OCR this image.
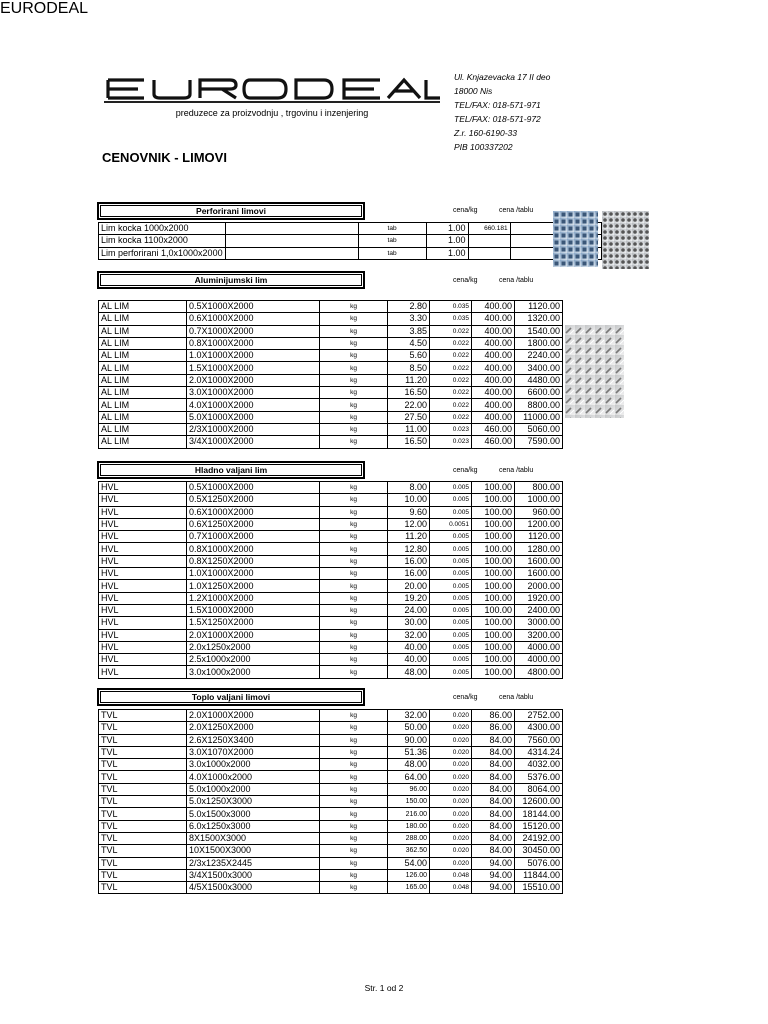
EURODEAL
preduzece za proizvodnju , trgovinu i inzenjering
Ul. Knjazevacka 17 II deo
18000 Nis
TEL/FAX: 018-571-971
TEL/FAX: 018-571-972
Z.r. 160-6190-33
PIB 100337202
CENOVNIK - LIMOVI
Perforirani limovi	cena/kg	cena /tablu
Lim kocka 1000x2000		tab	1.00	660.181		
Lim kocka 1100x2000		tab	1.00			
Lim perforirani 1,0x1000x2000		tab	1.00			
Aluminijumski lim	cena/kg	cena /tablu
AL LIM	0.5X1000X2000	kg	2.80	0.035	400.00	1120.00
AL LIM	0.6X1000X2000	kg	3.30	0.035	400.00	1320.00
AL LIM	0.7X1000X2000	kg	3.85	0.022	400.00	1540.00
AL LIM	0.8X1000X2000	kg	4.50	0.022	400.00	1800.00
AL LIM	1.0X1000X2000	kg	5.60	0.022	400.00	2240.00
AL LIM	1.5X1000X2000	kg	8.50	0.022	400.00	3400.00
AL LIM	2.0X1000X2000	kg	11.20	0.022	400.00	4480.00
AL LIM	3.0X1000X2000	kg	16.50	0.022	400.00	6600.00
AL LIM	4.0X1000X2000	kg	22.00	0.022	400.00	8800.00
AL LIM	5.0X1000X2000	kg	27.50	0.022	400.00	11000.00
AL LIM	2/3X1000X2000	kg	11.00	0.023	460.00	5060.00
AL LIM	3/4X1000X2000	kg	16.50	0.023	460.00	7590.00
Hladno valjani lim	cena/kg	cena /tablu
HVL	0.5X1000X2000	kg	8.00	0.005	100.00	800.00
HVL	0.5X1250X2000	kg	10.00	0.005	100.00	1000.00
HVL	0.6X1000X2000	kg	9.60	0.005	100.00	960.00
HVL	0.6X1250X2000	kg	12.00	0.0051	100.00	1200.00
HVL	0.7X1000X2000	kg	11.20	0.005	100.00	1120.00
HVL	0.8X1000X2000	kg	12.80	0.005	100.00	1280.00
HVL	0.8X1250X2000	kg	16.00	0.005	100.00	1600.00
HVL	1.0X1000X2000	kg	16.00	0.005	100.00	1600.00
HVL	1.0X1250X2000	kg	20.00	0.005	100.00	2000.00
HVL	1.2X1000X2000	kg	19.20	0.005	100.00	1920.00
HVL	1.5X1000X2000	kg	24.00	0.005	100.00	2400.00
HVL	1.5X1250X2000	kg	30.00	0.005	100.00	3000.00
HVL	2.0X1000X2000	kg	32.00	0.005	100.00	3200.00
HVL	2.0x1250x2000	kg	40.00	0.005	100.00	4000.00
HVL	2.5x1000x2000	kg	40.00	0.005	100.00	4000.00
HVL	3.0x1000x2000	kg	48.00	0.005	100.00	4800.00
Toplo valjani limovi	cena/kg	cena /tablu
TVL	2.0X1000X2000	kg	32.00	0.020	86.00	2752.00
TVL	2.0X1250X2000	kg	50.00	0.020	86.00	4300.00
TVL	2.6X1250X3400	kg	90.00	0.020	84.00	7560.00
TVL	3.0X1070X2000	kg	51.36	0.020	84.00	4314.24
TVL	3.0x1000x2000	kg	48.00	0.020	84.00	4032.00
TVL	4.0X1000x2000	kg	64.00	0.020	84.00	5376.00
TVL	5.0x1000x2000	kg	96.00	0.020	84.00	8064.00
TVL	5.0x1250X3000	kg	150.00	0.020	84.00	12600.00
TVL	5.0x1500x3000	kg	216.00	0.020	84.00	18144.00
TVL	6.0x1250x3000	kg	180.00	0.020	84.00	15120.00
TVL	8X1500X3000	kg	288.00	0.020	84.00	24192.00
TVL	10X1500X3000	kg	362.50	0.020	84.00	30450.00
TVL	2/3x1235X2445	kg	54.00	0.020	94.00	5076.00
TVL	3/4X1500x3000	kg	126.00	0.048	94.00	11844.00
TVL	4/5X1500x3000	kg	165.00	0.048	94.00	15510.00
Str. 1 od 2
